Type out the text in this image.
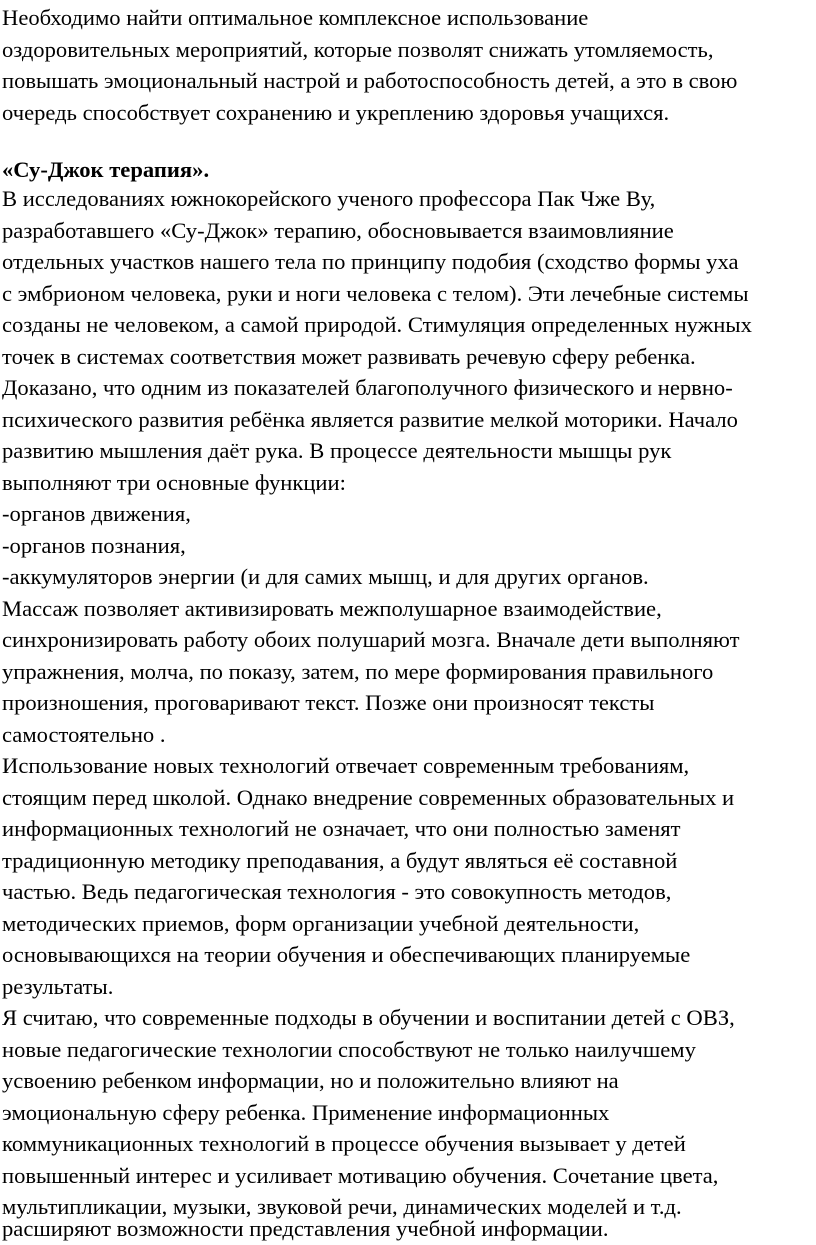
Необходимо найти оптимальное комплексное использование
оздоровительных мероприятий, которые позволят снижать утомляемость,
повышать эмоциональный настрой и работоспособность детей, а это в свою
очередь способствует сохранению и укреплению здоровья учащихся.
«Су-Джок терапия».
В исследованиях южнокорейского ученого профессора Пак Чже Ву,
разработавшего «Су-Джок» терапию, обосновывается взаимовлияние
отдельных участков нашего тела по принципу подобия (сходство формы уха
с эмбрионом человека, руки и ноги человека с телом). Эти лечебные системы
созданы не человеком, а самой природой. Стимуляция определенных нужных
точек в системах соответствия может развивать речевую сферу ребенка.
Доказано, что одним из показателей благополучного физического и нервно-
психического развития ребёнка является развитие мелкой моторики. Начало
развитию мышления даёт рука. В процессе деятельности мышцы рук
выполняют три основные функции:
-органов движения,
-органов познания,
-аккумуляторов энергии (и для самих мышц, и для других органов.
Массаж позволяет активизировать межполушарное взаимодействие,
синхронизировать работу обоих полушарий мозга. Вначале дети выполняют
упражнения, молча, по показу, затем, по мере формирования правильного
произношения, проговаривают текст. Позже они произносят тексты
самостоятельно .
Использование новых технологий отвечает современным требованиям,
стоящим перед школой. Однако внедрение современных образовательных и
информационных технологий не означает, что они полностью заменят
традиционную методику преподавания, а будут являться её составной
частью. Ведь педагогическая технология - это совокупность методов,
методических приемов, форм организации учебной деятельности,
основывающихся на теории обучения и обеспечивающих планируемые
результаты.
Я считаю, что современные подходы в обучении и воспитании детей с ОВЗ,
новые педагогические технологии способствуют не только наилучшему
усвоению ребенком информации, но и положительно влияют на
эмоциональную сферу ребенка. Применение информационных
коммуникационных технологий в процессе обучения вызывает у детей
повышенный интерес и усиливает мотивацию обучения. Сочетание цвета,
мультипликации, музыки, звуковой речи, динамических моделей и т.д.
расширяют возможности представления учебной информации.
